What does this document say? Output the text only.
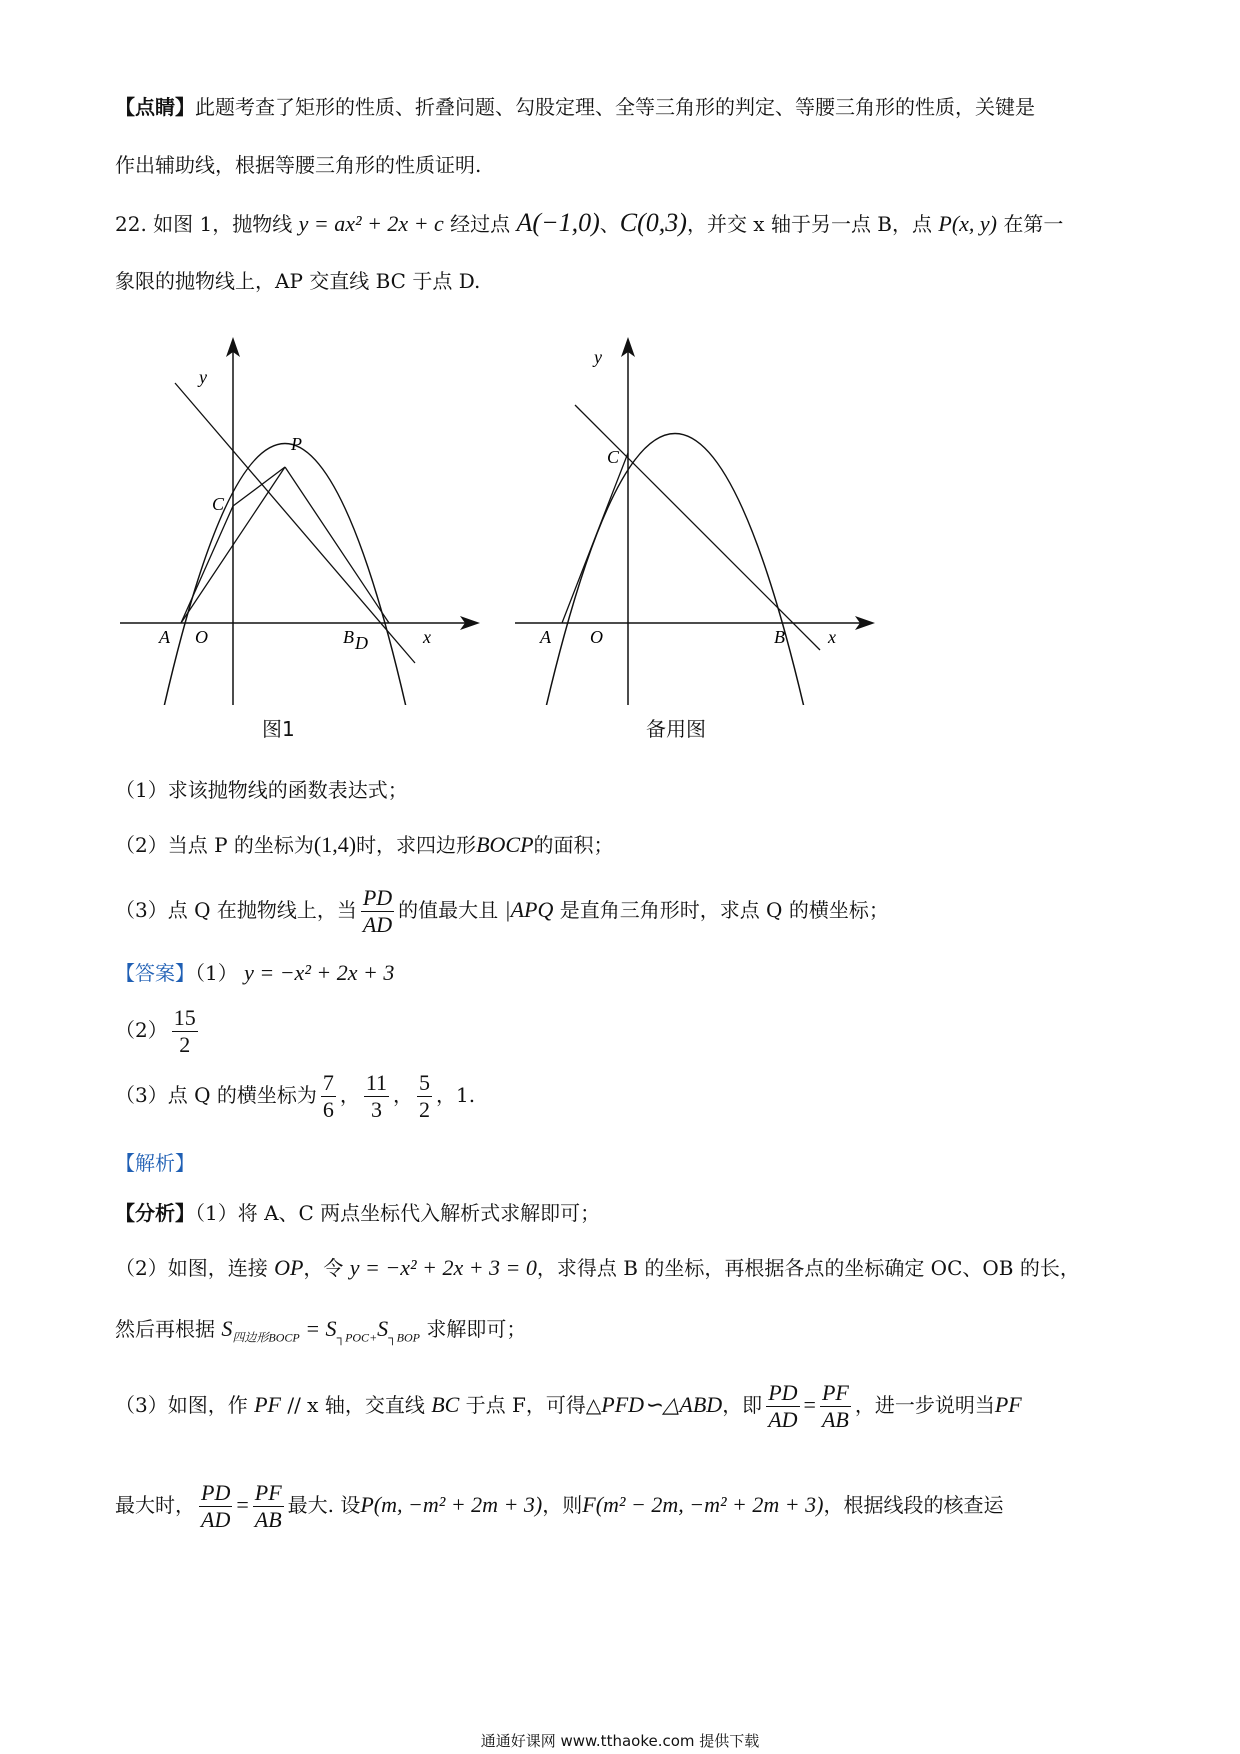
【点睛】此题考查了矩形的性质、折叠问题、勾股定理、全等三角形的判定、等腰三角形的性质，关键是
作出辅助线，根据等腰三角形的性质证明.
22. 如图 1，抛物线 y = ax² + 2x + c 经过点 A(−1,0)、C(0,3)，并交 x 轴于另一点 B，点 P(x, y) 在第一
象限的抛物线上，AP 交直线 BC 于点 D.
y
x
A O	B
C
P
D
图1
y
x
A O	B
C
备用图
（1）求该抛物线的函数表达式；
（2）当点 P 的坐标为(1,4)时，求四边形BOCP的面积；
（3）点 Q 在抛物线上，当 $\frac{PD}{AD}$ 的值最大且 |APQ 是直角三角形时，求点 Q 的横坐标；
【答案】（1） y = −x² + 2x + 3
$(2) \frac{15}{2}$
（3）点 Q 的横坐标为 $\frac{7}{6}$ ， $\frac{11}{3}$ ， $\frac{5}{2}$ ，1.
【解析】
【分析】（1）将 A、C 两点坐标代入解析式求解即可；
（2）如图，连接 OP，令 y = −x² + 2x + 3 = 0，求得点 B 的坐标，再根据各点的坐标确定 OC、OB 的长，
然后再根据 $S_{四边形BOCP} = S_{┐POC+}S_{┐BOP}$ 求解即可；
（3）如图，作 PF // x 轴，交直线 BC 于点 F，可得△PFD∽△ABD，即 $\frac{PD}{AD} = \frac{PF}{AB}$ ，进一步说明当PF
最大时， $\frac{PD}{AD} = \frac{PF}{AB}$ 最大. 设P(m, −m² + 2m + 3)，则F(m² − 2m, −m² + 2m + 3)，根据线段的核查运
通通好课网 www.tthaoke.com 提供下载
